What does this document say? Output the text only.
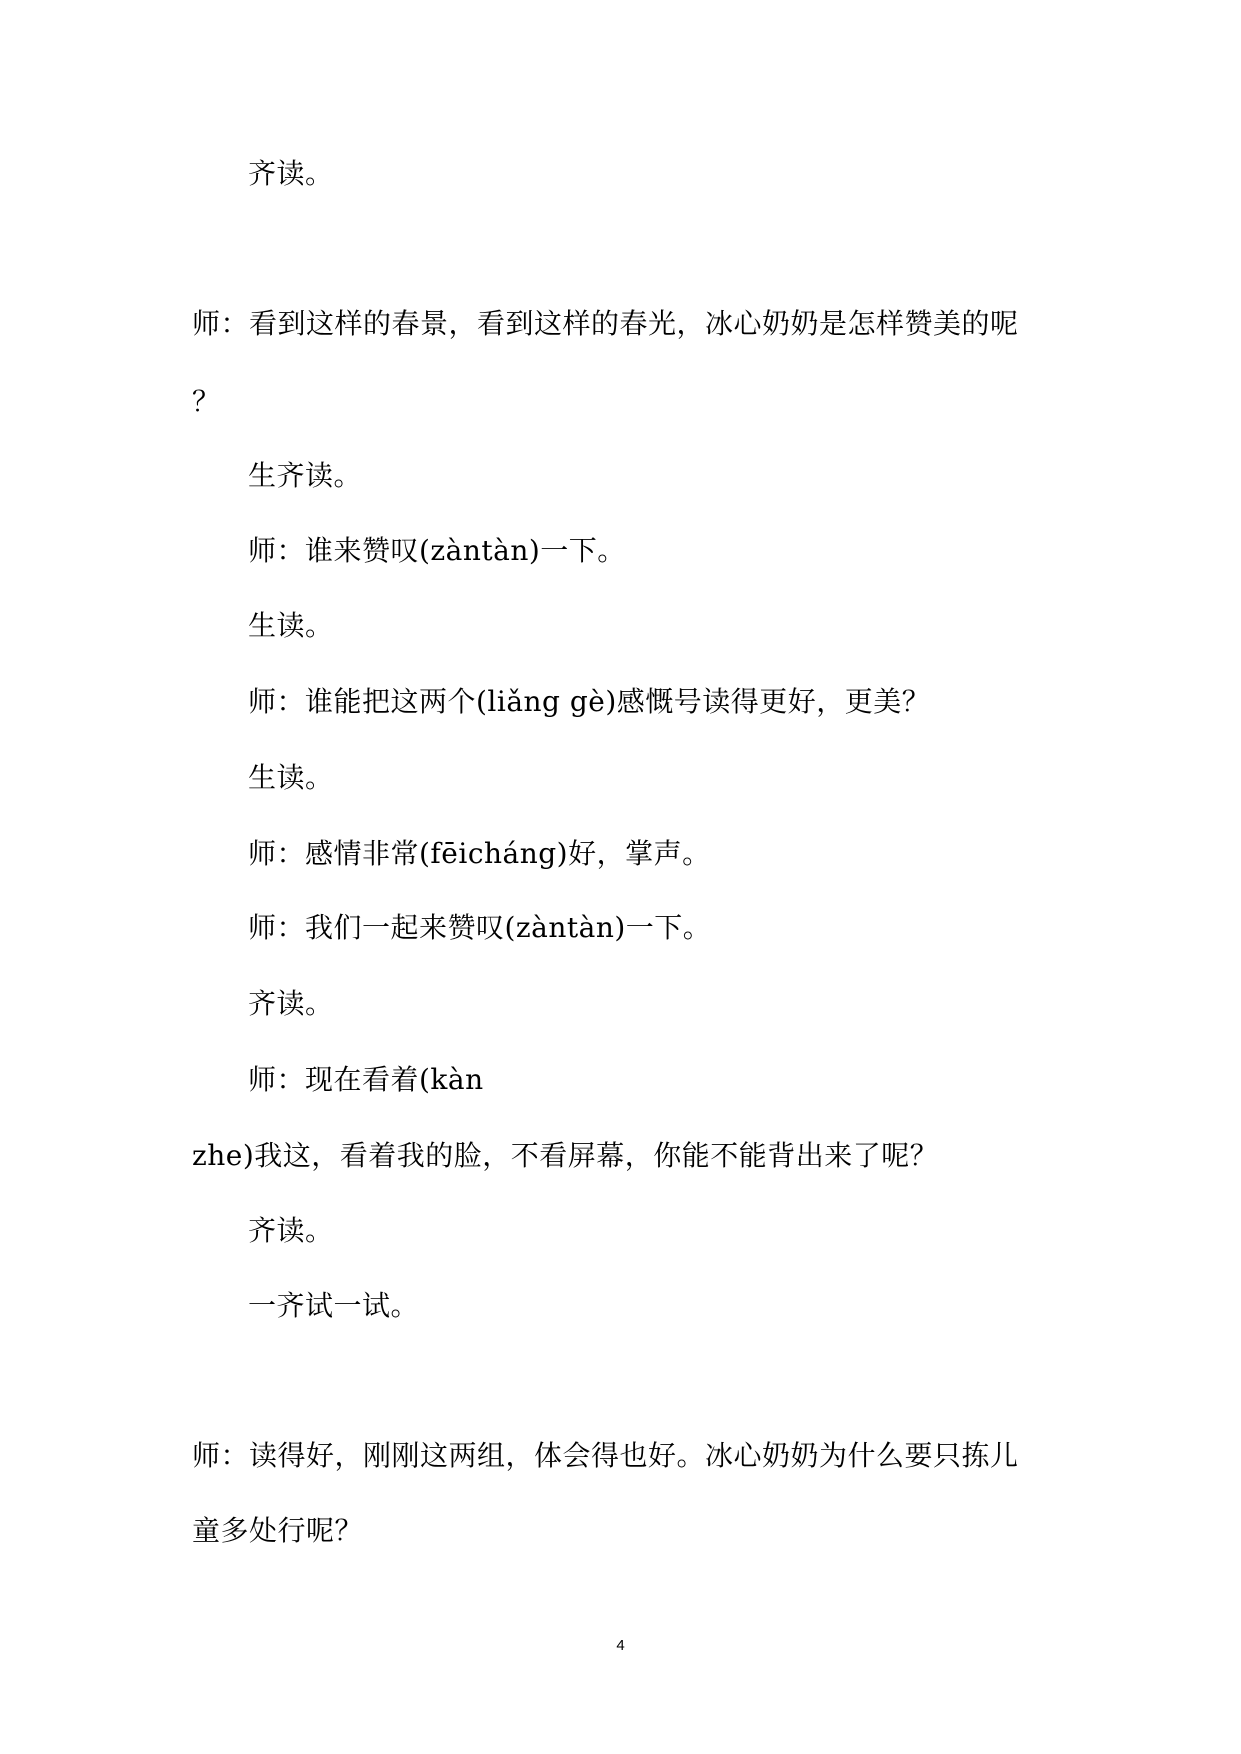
齐读。
师：看到这样的春景，看到这样的春光，冰心奶奶是怎样赞美的呢
？
生齐读。
师：谁来赞叹(zàntàn)一下。
生读。
师：谁能把这两个(liǎng gè)感慨号读得更好，更美？
生读。
师：感情非常(fēicháng)好，掌声。
师：我们一起来赞叹(zàntàn)一下。
齐读。
师：现在看着(kàn
zhe)我这，看着我的脸，不看屏幕，你能不能背出来了呢？
齐读。
一齐试一试。
师：读得好，刚刚这两组，体会得也好。冰心奶奶为什么要只拣儿
童多处行呢？
4
